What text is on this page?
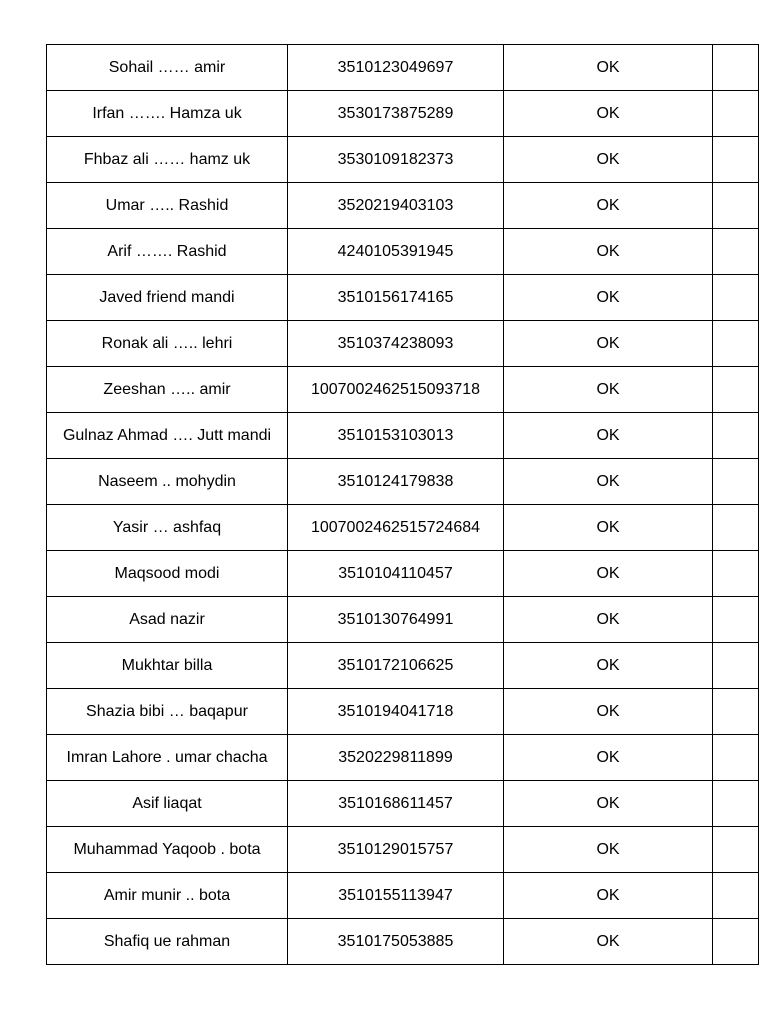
Sohail …… amir	3510123049697	OK	
Irfan ……. Hamza uk	3530173875289	OK	
Fhbaz ali …… hamz uk	3530109182373	OK	
Umar ….. Rashid	3520219403103	OK	
Arif ……. Rashid	4240105391945	OK	
Javed friend mandi	3510156174165	OK	
Ronak ali ….. lehri	3510374238093	OK	
Zeeshan ….. amir	1007002462515093718	OK	
Gulnaz Ahmad …. Jutt mandi	3510153103013	OK	
Naseem .. mohydin	3510124179838	OK	
Yasir … ashfaq	1007002462515724684	OK	
Maqsood modi	3510104110457	OK	
Asad nazir	3510130764991	OK	
Mukhtar billa	3510172106625	OK	
Shazia bibi … baqapur	3510194041718	OK	
Imran Lahore . umar chacha	3520229811899	OK	
Asif liaqat	3510168611457	OK	
Muhammad Yaqoob . bota	3510129015757	OK	
Amir munir .. bota	3510155113947	OK	
Shafiq ue rahman	3510175053885	OK	
